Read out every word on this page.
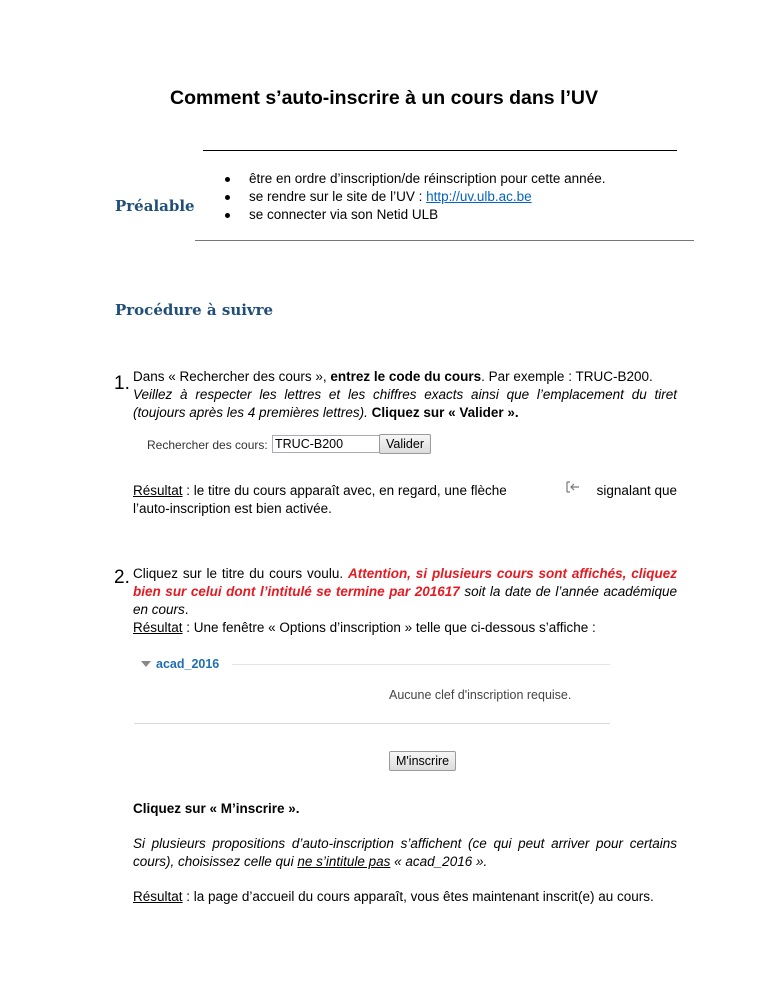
Comment s’auto-inscrire à un cours dans l’UV
Préalable
être en ordre d’inscription/de réinscription pour cette année.
se rendre sur le site de l’UV : http://uv.ulb.ac.be
se connecter via son Netid ULB
Procédure à suivre
1. Dans « Rechercher des cours », entrez le code du cours. Par exemple : TRUC-B200.
Veillez à respecter les lettres et les chiffres exacts ainsi que l’emplacement du tiret (toujours après les 4 premières lettres). Cliquez sur « Valider ».
Rechercher des cours: TRUC-B200	Valider
Résultat : le titre du cours apparaît avec, en regard, une flèche	signalant que
l’auto-inscription est bien activée.
2. Cliquez sur le titre du cours voulu. Attention, si plusieurs cours sont affichés, cliquez bien sur celui dont l’intitulé se termine par 201617 soit la date de l’année académique en cours.
Résultat : Une fenêtre « Options d’inscription » telle que ci-dessous s’affiche :
acad_2016
Aucune clef d'inscription requise.
M'inscrire
Cliquez sur « M’inscrire ».
Si plusieurs propositions d’auto-inscription s’affichent (ce qui peut arriver pour certains cours), choisissez celle qui ne s’intitule pas « acad_2016 ».
Résultat : la page d’accueil du cours apparaît, vous êtes maintenant inscrit(e) au cours.
